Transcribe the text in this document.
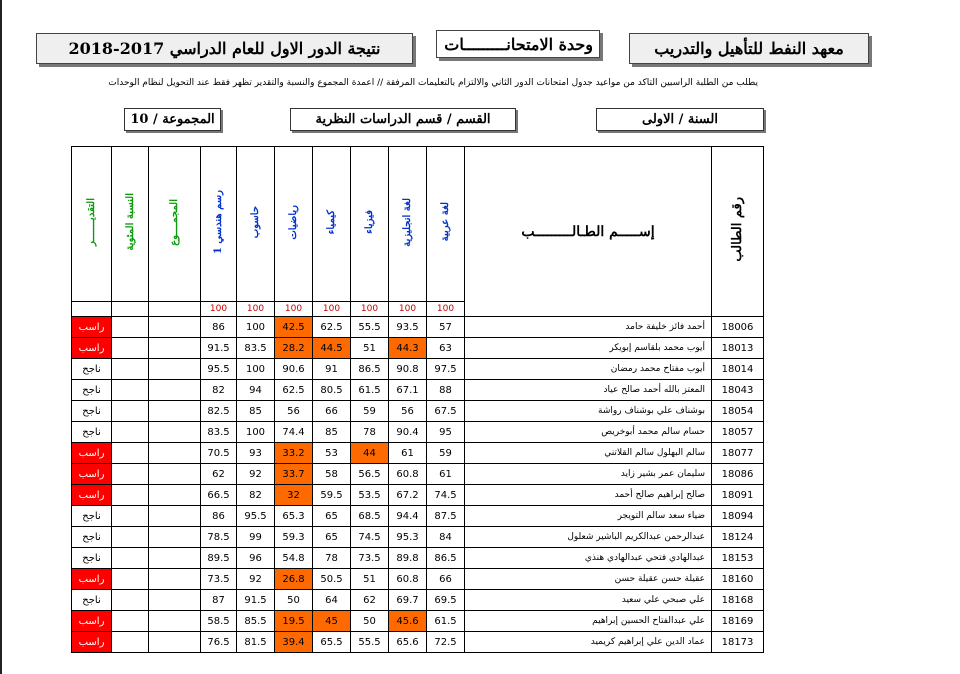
معهد النفط للتأهيل والتدريب
وحدة الامتحانـــــــــات
نتيجة الدور الاول للعام الدراسي 2017-2018
يطلب من الطلبة الراسبين التأكد من مواعيد جدول امتحانات الدور الثاني والالتزام بالتعليمات المرفقة // اعمدة المجموع والنسبة والتقدير تظهر فقط عند التحويل لنظام الوحدات
السنة / الاولى
القسم / قسم الدراسات النظرية
المجموعة / 10
التقديـــــــر	النسبة المئوية	المجمــــوع	رسم هندسي 1	حاسوب	رياضيات	كيمياء	فيزياء	لغة انجليزية	لغة عربية	إســـــم الطـالـــــــــب	رقم الطالب
			100	100	100	100	100	100	100		
راسب			86	100	42.5	62.5	55.5	93.5	57	أحمد فائز خليفة حامد	18006
راسب			91.5	83.5	28.2	44.5	51	44.3	63	أيوب محمد بلقاسم إبويكر	18013
ناجح			95.5	100	90.6	91	86.5	90.8	97.5	أيوب مفتاح محمد رمضان	18014
ناجح			82	94	62.5	80.5	61.5	67.1	88	المعتز بالله أحمد صالح عياد	18043
ناجح			82.5	85	56	66	59	56	67.5	بوشناف علي بوشناف رواشة	18054
ناجح			83.5	100	74.4	85	78	90.4	95	حسام سالم محمد أبوخريص	18057
راسب			70.5	93	33.2	53	44	61	59	سالم البهلول سالم القلاتني	18077
راسب			62	92	33.7	58	56.5	60.8	61	سليمان عمر بشير زايد	18086
راسب			66.5	82	32	59.5	53.5	67.2	74.5	صالح إبراهيم صالح أحمد	18091
ناجح			86	95.5	65.3	65	68.5	94.4	87.5	ضياء سعد سالم التويجر	18094
ناجح			78.5	99	59.3	65	74.5	95.3	84	عبدالرحمن عبدالكريم الباشير شعلول	18124
ناجح			89.5	96	54.8	78	73.5	89.8	86.5	عبدالهادي فتحي عبدالهادي هنذي	18153
راسب			73.5	92	26.8	50.5	51	60.8	66	عقيلة حسن عقيلة حسن	18160
ناجح			87	91.5	50	64	62	69.7	69.5	علي صبحي علي سعيد	18168
راسب			58.5	85.5	19.5	45	50	45.6	61.5	علي عبدالفتاح الحسين إبراهيم	18169
راسب			76.5	81.5	39.4	65.5	55.5	65.6	72.5	عماد الدين علي إبراهيم كريميد	18173
